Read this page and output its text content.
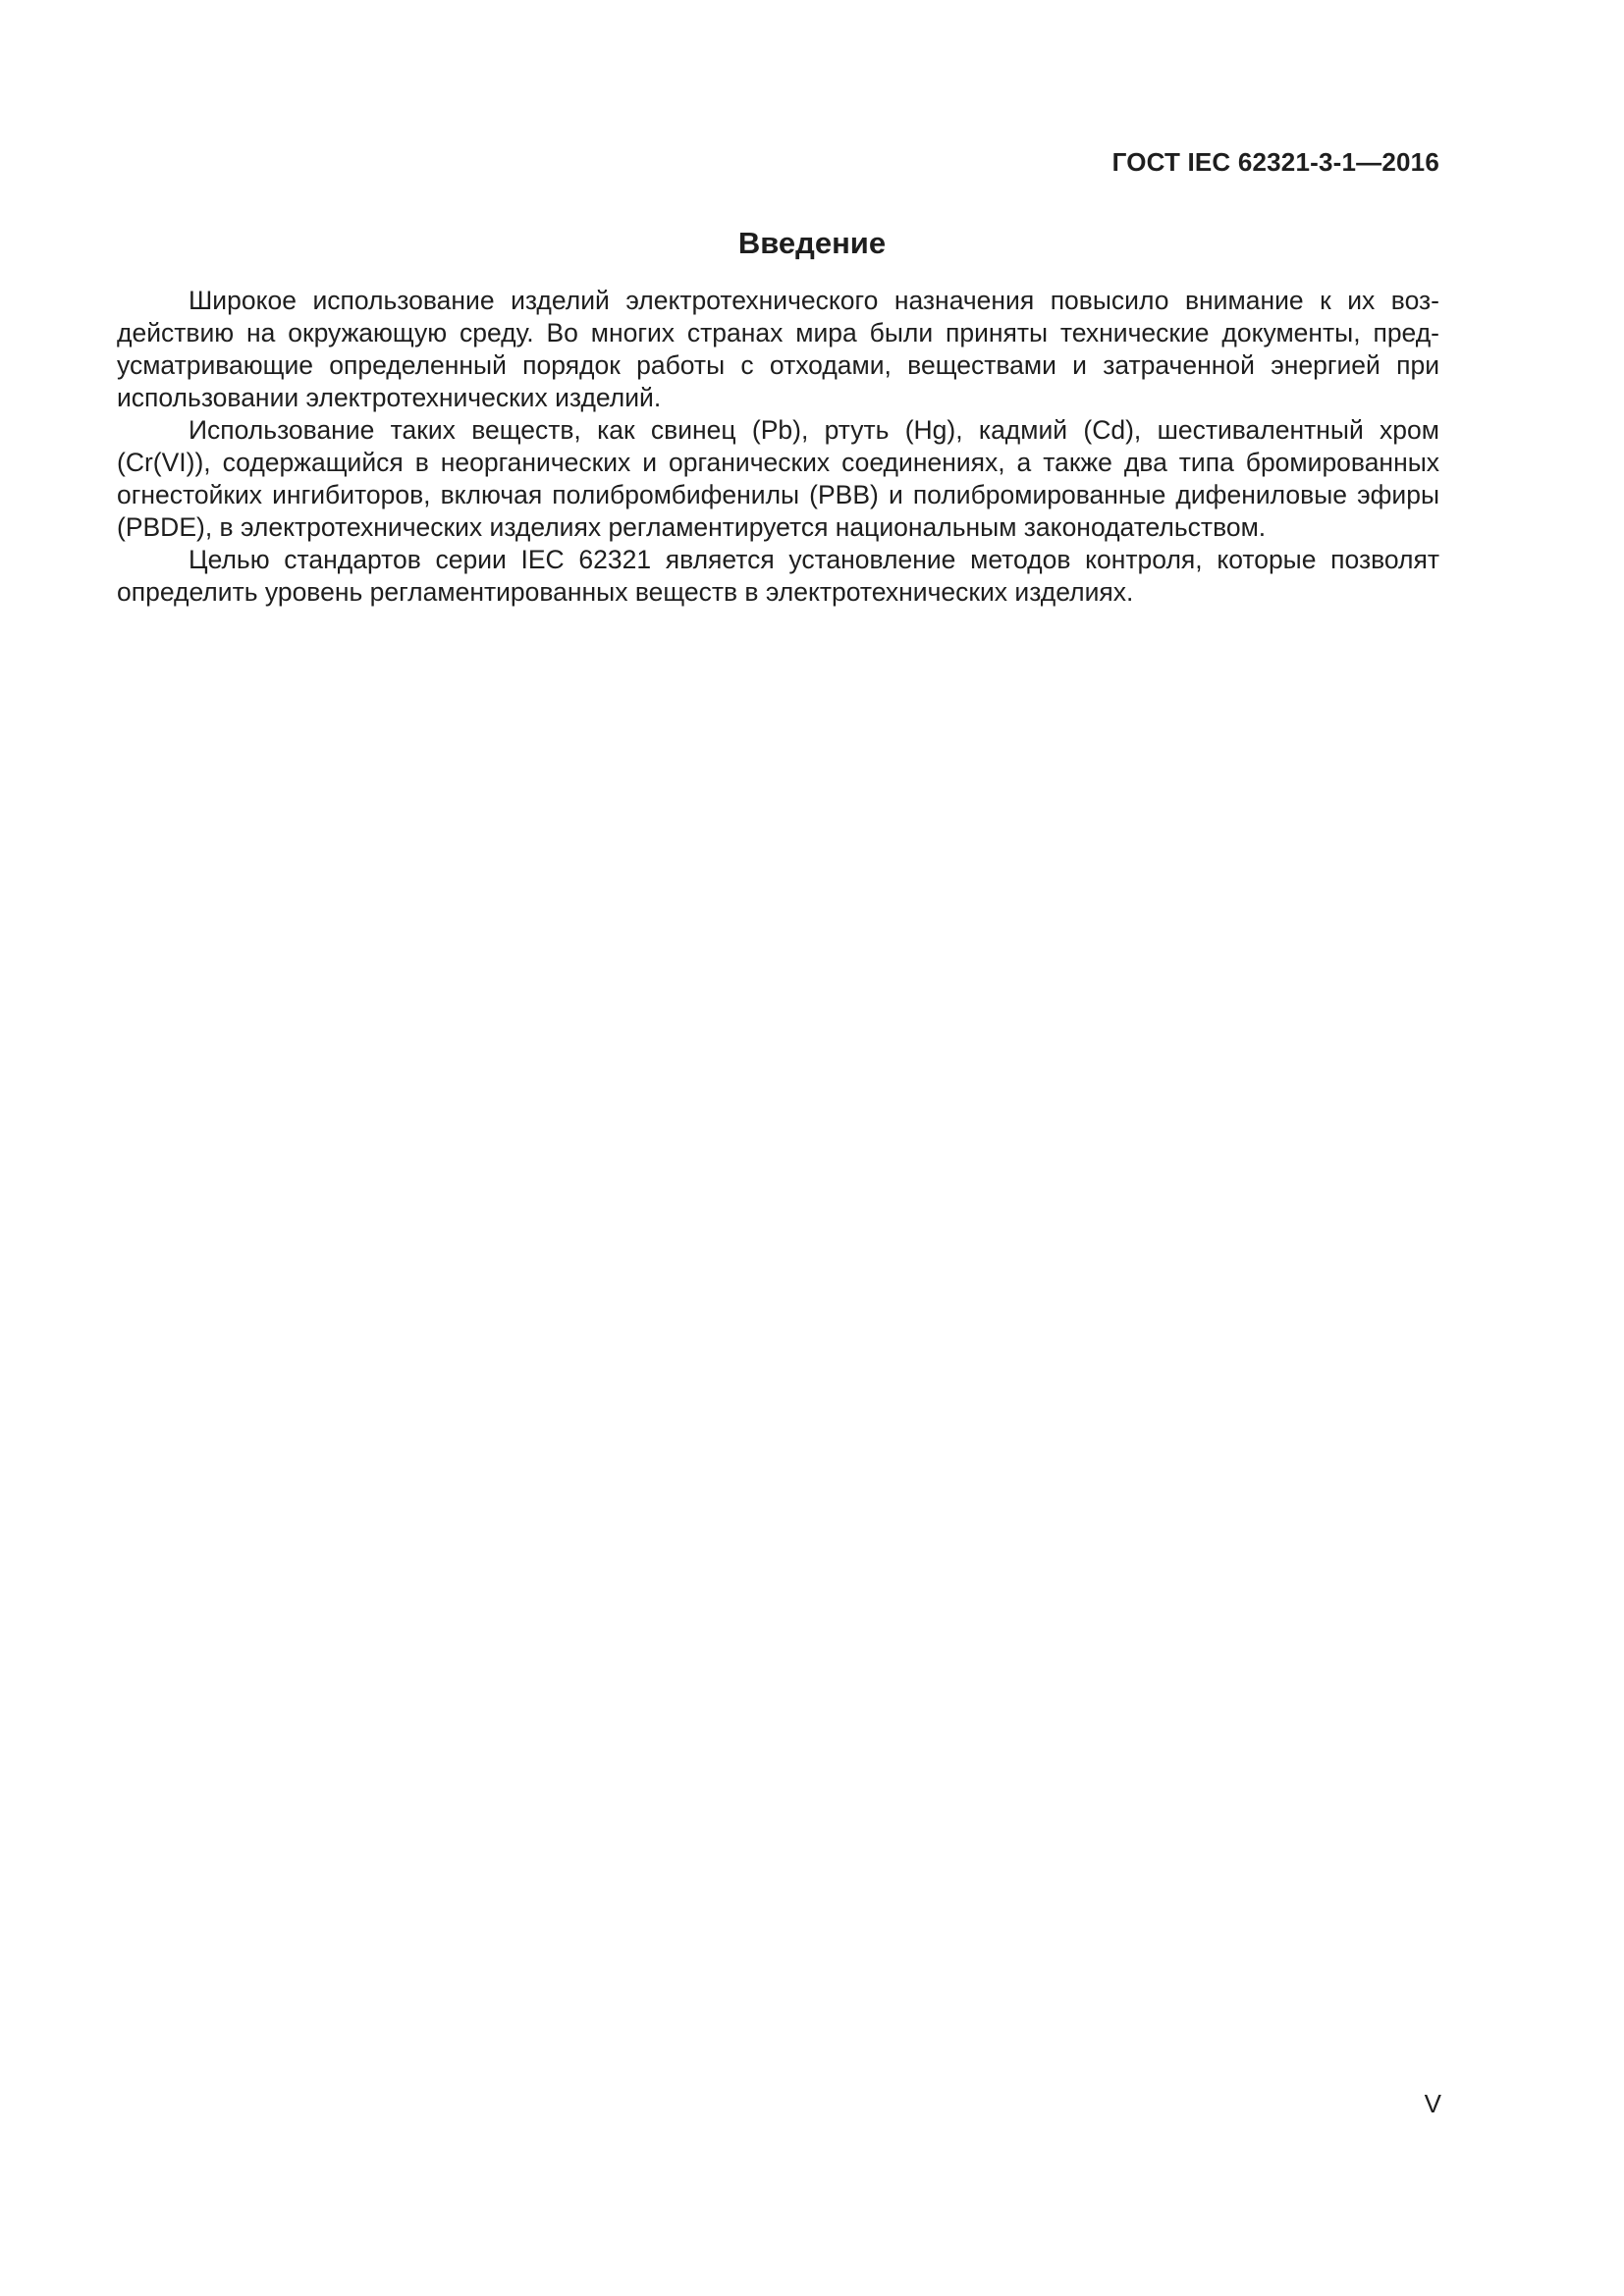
ГОСТ IEC 62321-3-1—2016
Введение

Широкое использование изделий электротехнического назначения повысило внимание к их воздействию на окружающую среду. Во многих странах мира были приняты технические документы, предусматривающие определенный порядок работы с отходами, веществами и затраченной энергией при использовании электротехнических изделий.

Использование таких веществ, как свинец (Pb), ртуть (Hg), кадмий (Cd), шестивалентный хром (Cr(VI)), содержащийся в неорганических и органических соединениях, а также два типа бромированных огнестойких ингибиторов, включая полибромбифенилы (PBB) и полибромированные дифениловые эфиры (PBDE), в электротехнических изделиях регламентируется национальным законодательством.

Целью стандартов серии IEC 62321 является установление методов контроля, которые позволят определить уровень регламентированных веществ в электротехнических изделиях.

V
